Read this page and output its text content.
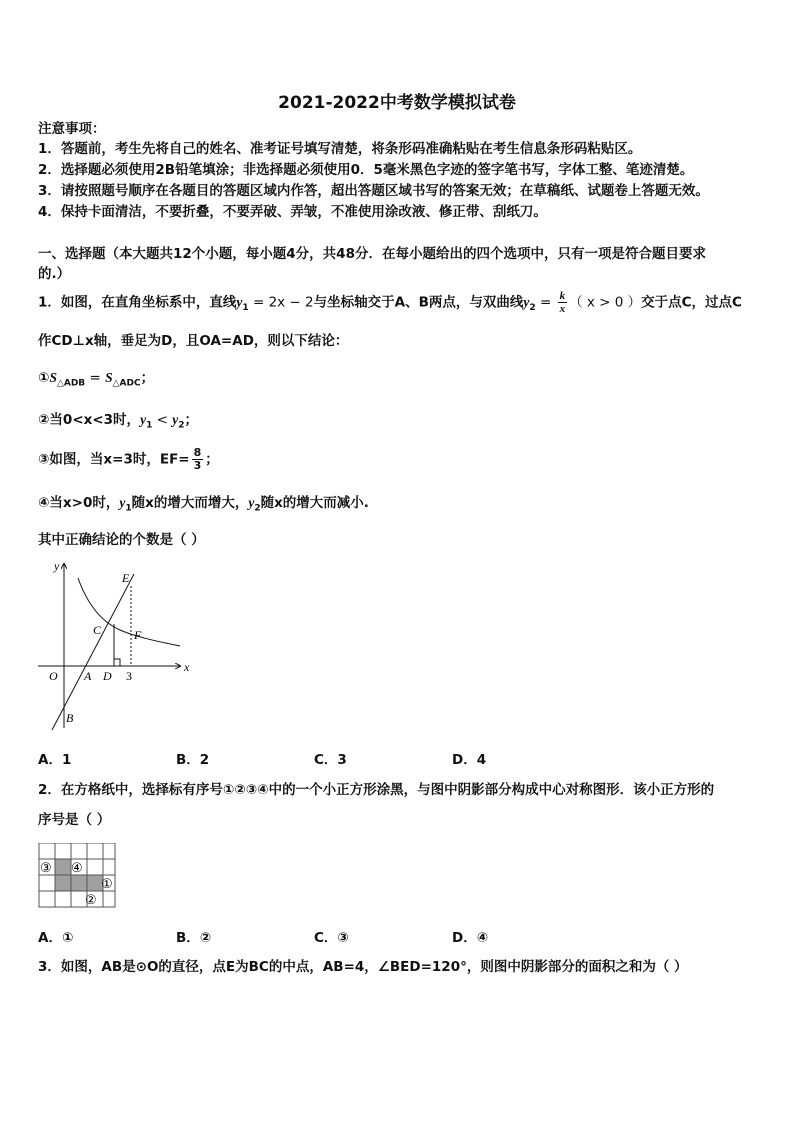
2021-2022中考数学模拟试卷
注意事项：
1．答题前，考生先将自己的姓名、准考证号填写清楚，将条形码准确粘贴在考生信息条形码粘贴区。
2．选择题必须使用2B铅笔填涂；非选择题必须使用0．5毫米黑色字迹的签字笔书写，字体工整、笔迹清楚。
3．请按照题号顺序在各题目的答题区域内作答，超出答题区域书写的答案无效；在草稿纸、试题卷上答题无效。
4．保持卡面清洁，不要折叠，不要弄破、弄皱，不准使用涂改液、修正带、刮纸刀。
一、选择题（本大题共12个小题，每小题4分，共48分．在每小题给出的四个选项中，只有一项是符合题目要求
的.）
1．如图，在直角坐标系中，直线$y_1 = 2x - 2$与坐标轴交于A、B两点，与双曲线$y_2 = \frac{k}{x}$ （ x > 0 ）交于点C，过点C
作CD⊥x轴，垂足为D，且OA=AD，则以下结论：
$①S_{\triangle ADB} = S_{\triangle ADC}$；
②当0<x<3时，$y_1 < y_2$；
③如图，当x=3时，$EF= \frac{8}{3}$ ；
④当x>0时，$y_1$随x的增大而增大，$y_2$随x的增大而减小.
其中正确结论的个数是（ ）
y
x
E
C	F
O A D 3
B
A．1	B．2	C．3	D．4
2．在方格纸中，选择标有序号①②③④中的一个小正方形涂黑，与图中阴影部分构成中心对称图形．该小正方形的
序号是（ ）
③ ④
①
②
A．①	B．②	C．③	D．④
3．如图，AB是⊙O的直径，点E为BC的中点，AB=4，∠BED=120°，则图中阴影部分的面积之和为（ ）
